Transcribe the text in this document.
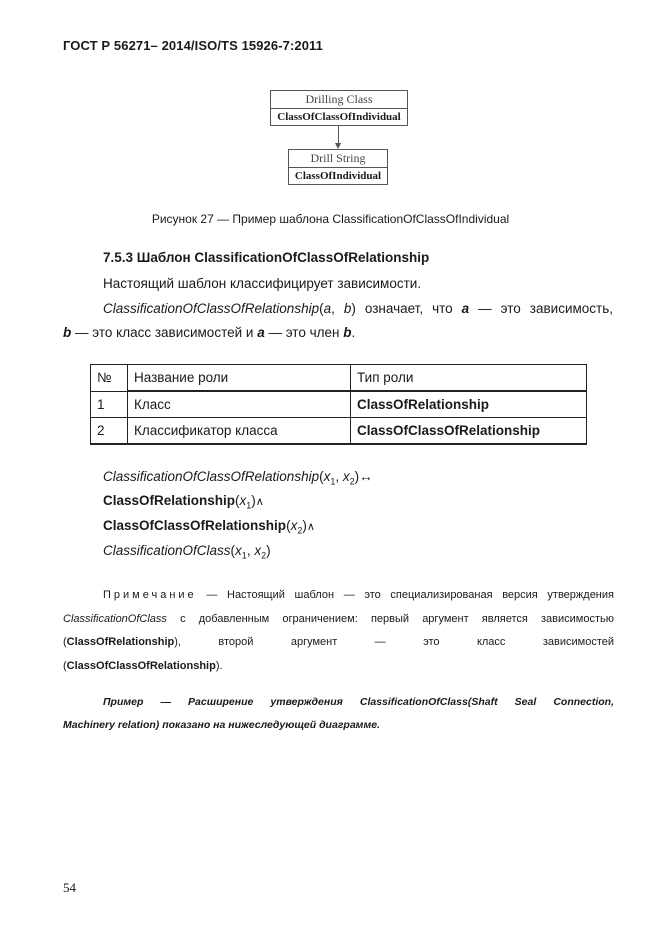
ГОСТ Р 56271– 2014/ISO/TS 15926-7:2011
Drilling Class
ClassOfClassOfIndividual
Drill String
ClassOfIndividual
Рисунок 27 — Пример шаблона ClassificationOfClassOfIndividual
7.5.3 Шаблон ClassificationOfClassOfRelationship
Настоящий шаблон классифицирует зависимости.
ClassificationOfClassOfRelationship(a, b) означает, что a — это зависимость,
b — это класс зависимостей и a — это член b.
№	Название роли	Тип роли
1	Класс	ClassOfRelationship
2	Классификатор класса	ClassOfClassOfRelationship
$ClassificationOfClassOfRelationship(x_1$, $x_2)\leftrightarrow$
$ClassOfRelationship(x_1)\wedge$
$ClassOfClassOfRelationship(x_2)\wedge$
$ClassificationOfClass(x_1$, $x_2$)
Примечание — Настоящий шаблон — это специализированая версия утверждения
ClassificationOfClass с добавленным ограничением: первый аргумент является зависимостью
(ClassOfRelationship), второй аргумент — это класс зависимостей
(ClassOfClassOfRelationship).
Пример — Расширение утверждения ClassificationOfClass(Shaft Seal Connection,
Machinery relation) показано на нижеследующей диаграмме.
54
